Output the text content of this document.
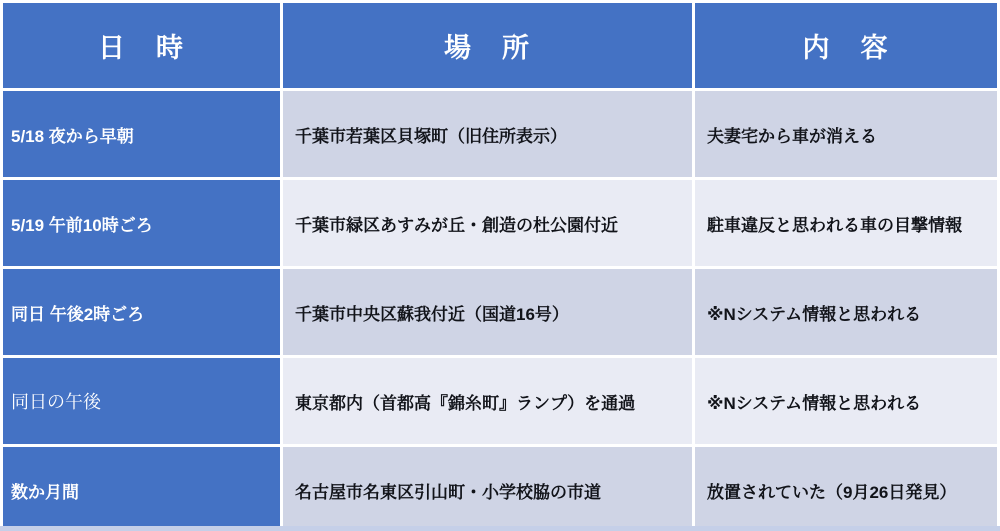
日　時	場　所	内　容
5/18 夜から早朝	千葉市若葉区貝塚町（旧住所表示）	夫妻宅から車が消える
5/19 午前10時ごろ	千葉市緑区あすみが丘・創造の杜公園付近	駐車違反と思われる車の目撃情報
同日 午後2時ごろ	千葉市中央区蘇我付近（国道16号）	※Nシステム情報と思われる
同日の午後	東京都内（首都高『錦糸町』ランプ）を通過	※Nシステム情報と思われる
数か月間	名古屋市名東区引山町・小学校脇の市道	放置されていた（9月26日発見）
